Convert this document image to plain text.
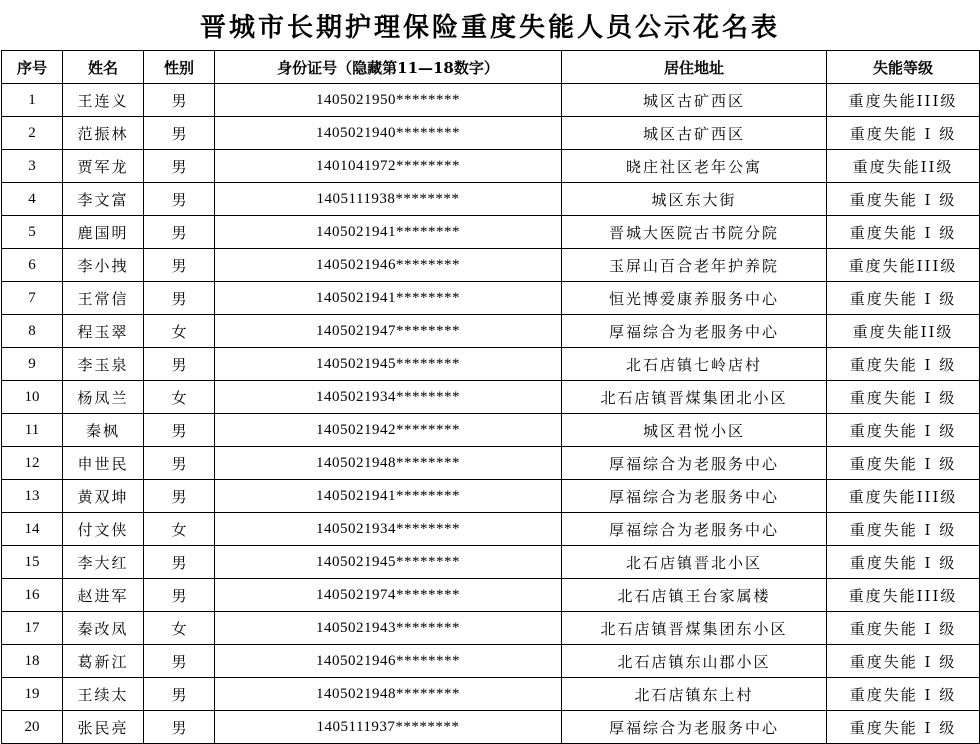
晋城市长期护理保险重度失能人员公示花名表
序号	姓名	性别	身份证号（隐藏第11—18数字）	居住地址	失能等级
1	王连义	男	1405021950********	城区古矿西区	重度失能III级
2	范振林	男	1405021940********	城区古矿西区	重度失能 I 级
3	贾军龙	男	1401041972********	晓庄社区老年公寓	重度失能II级
4	李文富	男	1405111938********	城区东大街	重度失能 I 级
5	鹿国明	男	1405021941********	晋城大医院古书院分院	重度失能 I 级
6	李小拽	男	1405021946********	玉屏山百合老年护养院	重度失能III级
7	王常信	男	1405021941********	恒光博爱康养服务中心	重度失能 I 级
8	程玉翠	女	1405021947********	厚福综合为老服务中心	重度失能II级
9	李玉泉	男	1405021945********	北石店镇七岭店村	重度失能 I 级
10	杨凤兰	女	1405021934********	北石店镇晋煤集团北小区	重度失能 I 级
11	秦枫	男	1405021942********	城区君悦小区	重度失能 I 级
12	申世民	男	1405021948********	厚福综合为老服务中心	重度失能 I 级
13	黄双坤	男	1405021941********	厚福综合为老服务中心	重度失能III级
14	付文侠	女	1405021934********	厚福综合为老服务中心	重度失能 I 级
15	李大红	男	1405021945********	北石店镇晋北小区	重度失能 I 级
16	赵进军	男	1405021974********	北石店镇王台家属楼	重度失能III级
17	秦改凤	女	1405021943********	北石店镇晋煤集团东小区	重度失能 I 级
18	葛新江	男	1405021946********	北石店镇东山郡小区	重度失能 I 级
19	王续太	男	1405021948********	北石店镇东上村	重度失能 I 级
20	张民亮	男	1405111937********	厚福综合为老服务中心	重度失能 I 级
